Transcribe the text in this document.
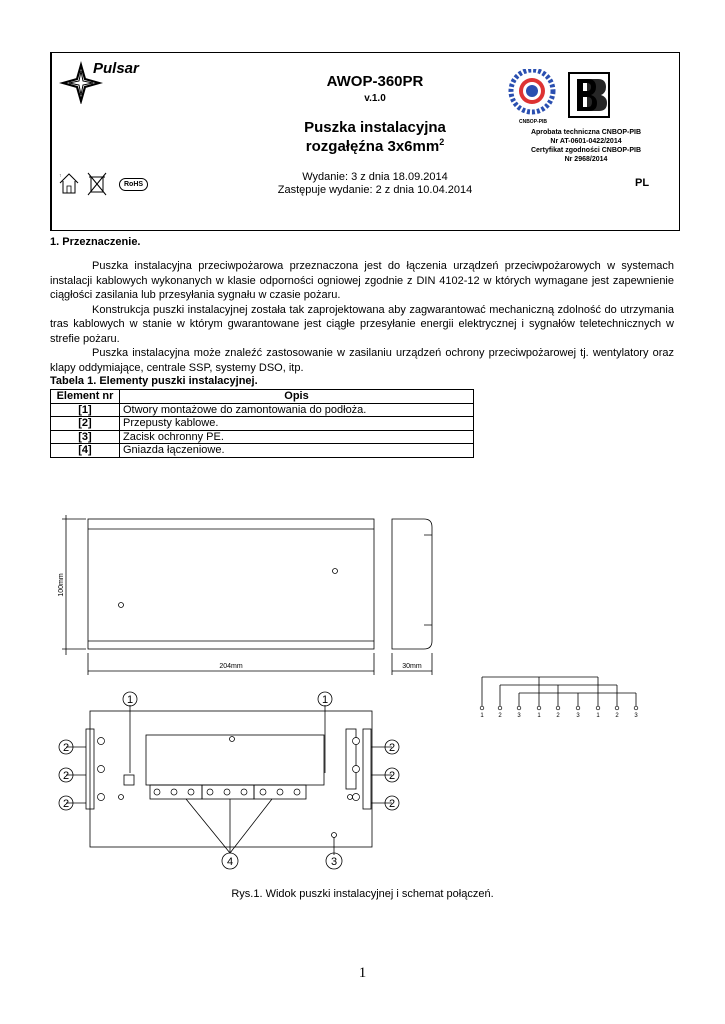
Pulsar
↑
RoHS
AWOP-360PR
v.1.0
Puszka instalacyjna
rozgałęźna $3x6mm^2$
Wydanie: 3 z dnia 18.09.2014
Zastępuje wydanie: 2 z dnia 10.04.2014
CNBOP-PIB
Aprobata techniczna CNBOP-PIB
Nr AT-0601-0422/2014
Certyfikat zgodności CNBOP-PIB
Nr 2968/2014
PL
1. Przeznaczenie.

Puszka instalacyjna przeciwpożarowa przeznaczona jest do łączenia urządzeń przeciwpożarowych w systemach instalacji kablowych wykonanych w klasie odporności ogniowej zgodnie z DIN 4102-12 w których wymagane jest zapewnienie ciągłości zasilania lub przesyłania sygnału w czasie pożaru.

Konstrukcja puszki instalacyjnej została tak zaprojektowana aby zagwarantować mechaniczną zdolność do utrzymania tras kablowych w stanie w którym gwarantowane jest ciągłe przesyłanie energii elektrycznej i sygnałów teletechnicznych w strefie pożaru.

Puszka instalacyjna może znaleźć zastosowanie w zasilaniu urządzeń ochrony przeciwpożarowej tj. wentylatory oraz klapy oddymiające, centrale SSP, systemy DSO, itp.

Tabela 1. Elementy puszki instalacyjnej.
Element nr	Opis
[1]	Otwory montażowe do zamontowania do podłoża.
[2]	Przepusty kablowe.
[3]	Zacisk ochronny PE.
[4]	Gniazda łączeniowe.
100mm
204mm	30mm
1	1
2
2
2
2
2
2
4	3
1 2	3	1	2	3	1	2	3
Rys.1. Widok puszki instalacyjnej i schemat połączeń.
1
